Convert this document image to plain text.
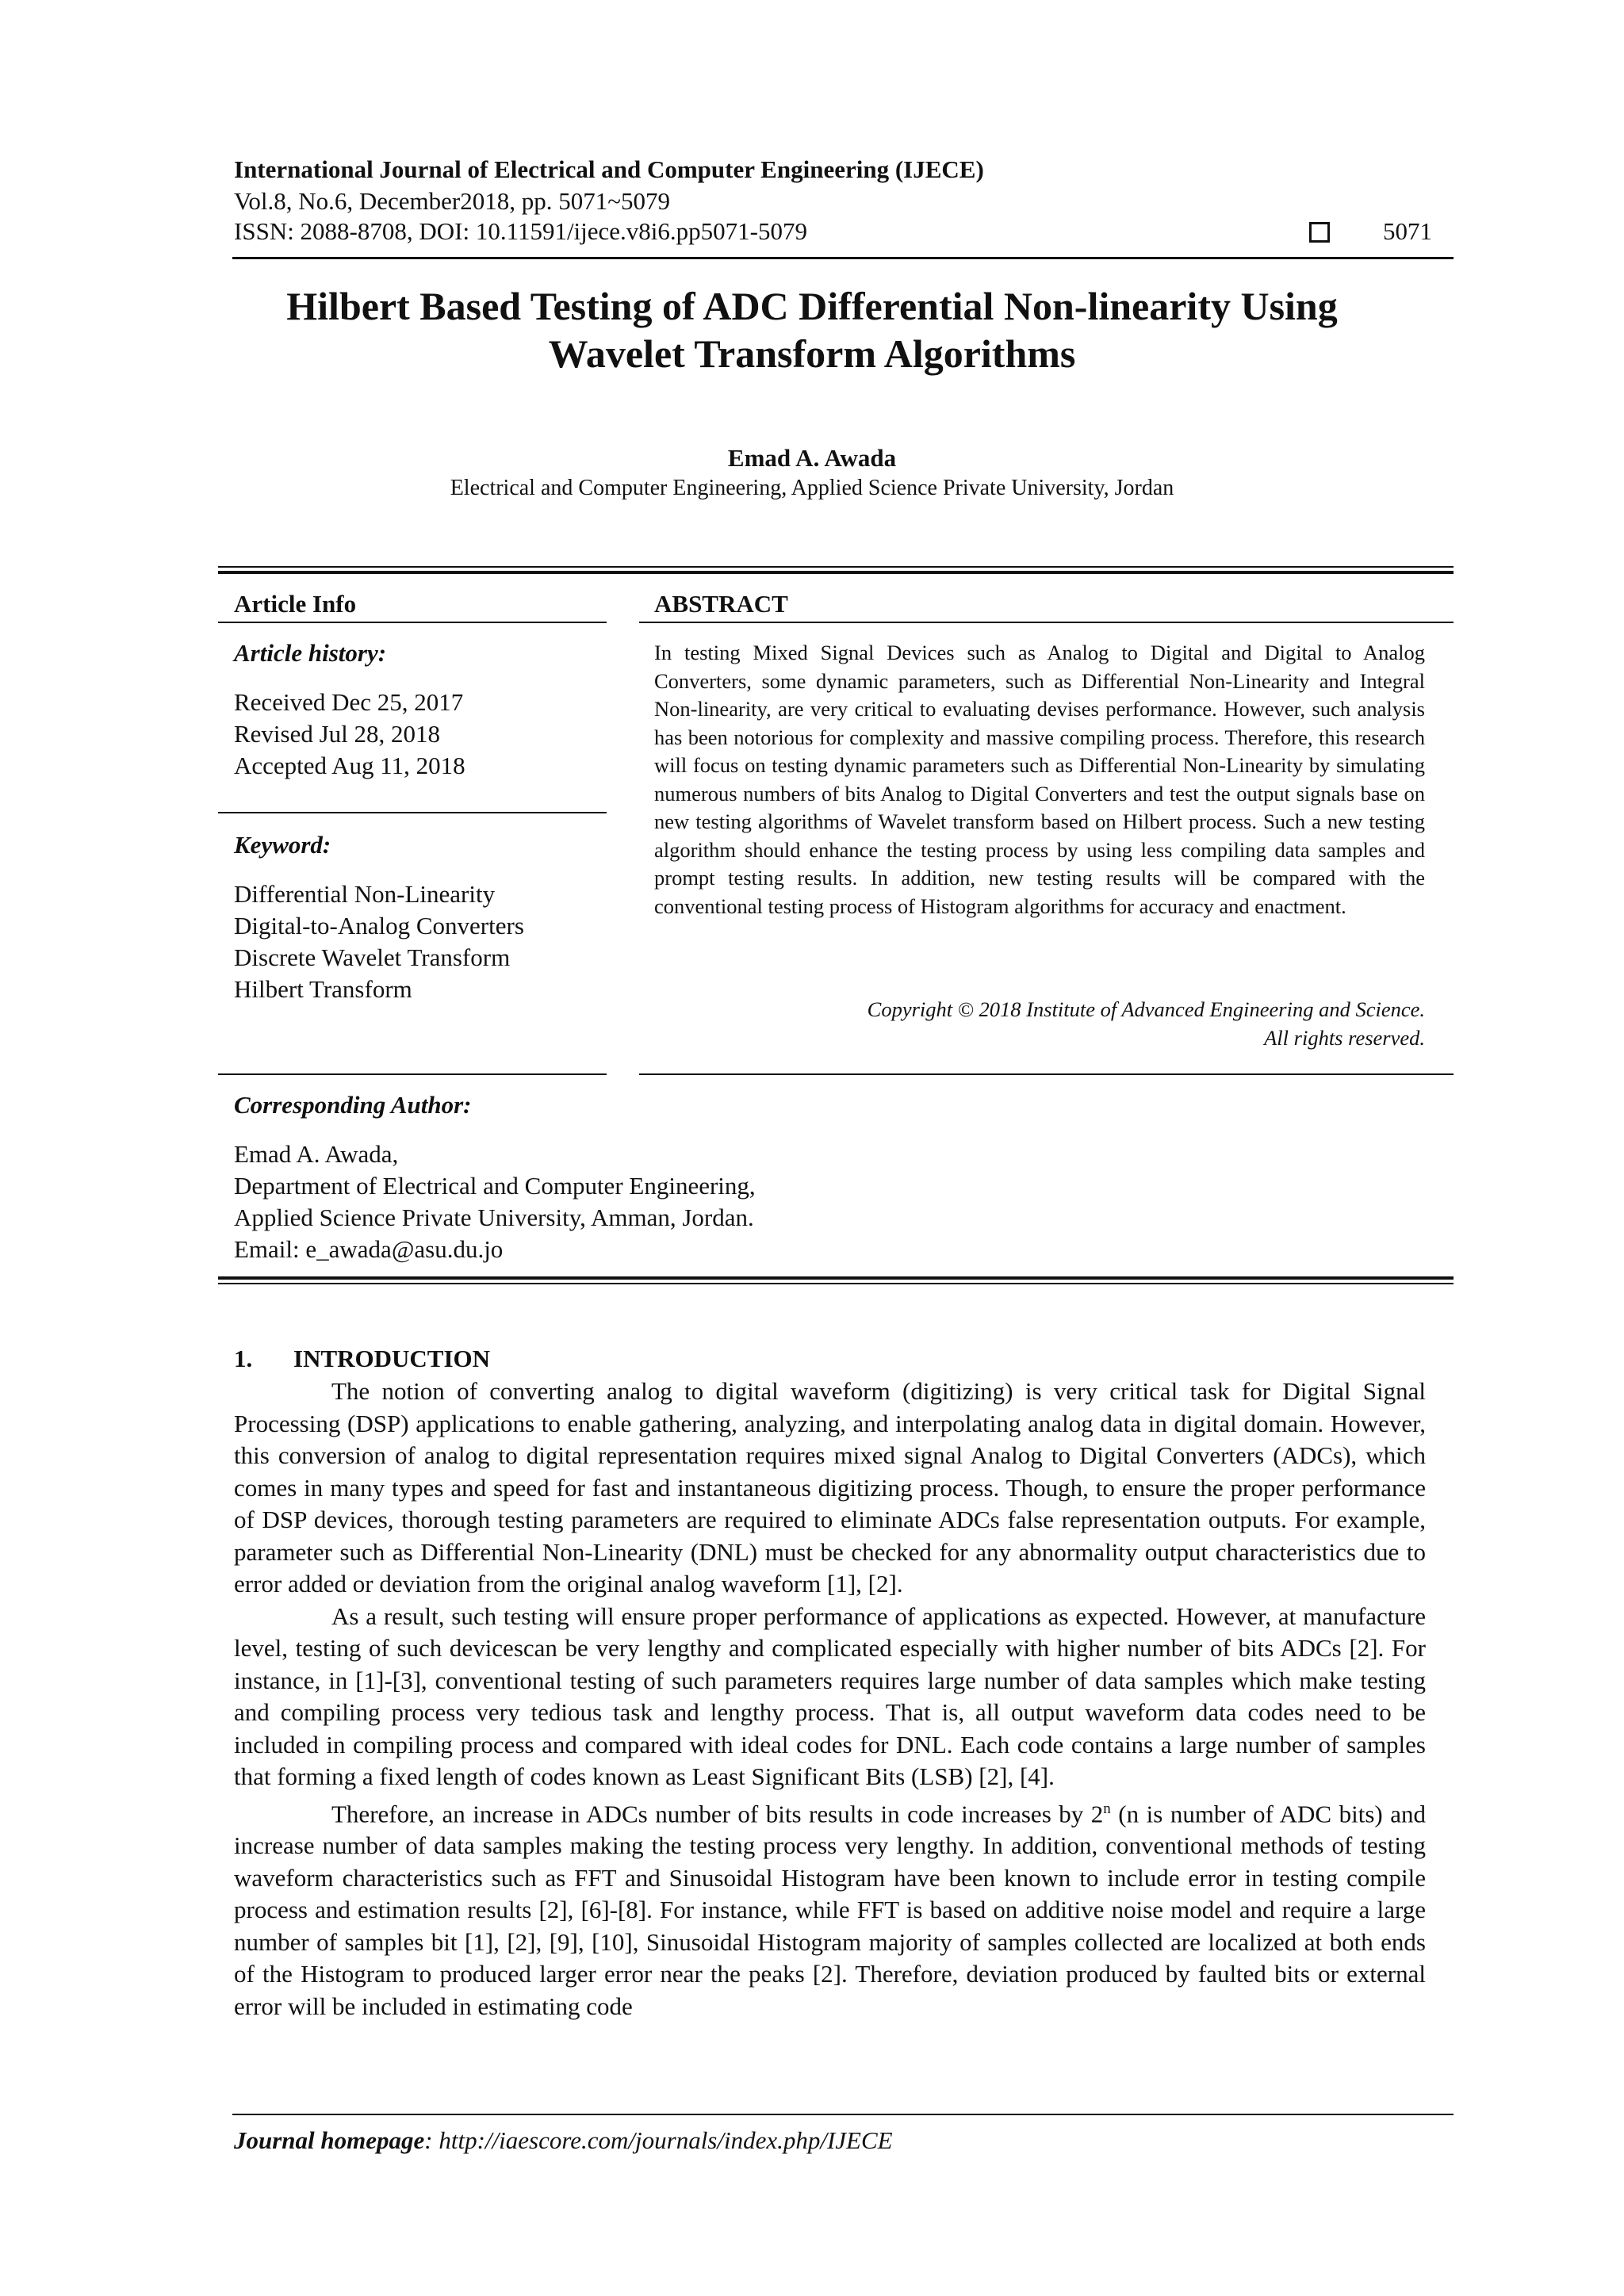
International Journal of Electrical and Computer Engineering (IJECE)
Vol.8, No.6, December2018, pp. 5071~5079
ISSN: 2088-8708, DOI: 10.11591/ijece.v8i6.pp5071-5079	5071
Hilbert Based Testing of ADC Differential Non-linearity Using
Wavelet Transform Algorithms
Emad A. Awada
Electrical and Computer Engineering, Applied Science Private University, Jordan
Article Info
Article history:
Received Dec 25, 2017
Revised Jul 28, 2018
Accepted Aug 11, 2018
Keyword:
Differential Non-Linearity
Digital-to-Analog Converters
Discrete Wavelet Transform
Hilbert Transform
ABSTRACT
In testing Mixed Signal Devices such as Analog to Digital and Digital to Analog Converters, some dynamic parameters, such as Differential Non-Linearity and Integral Non-linearity, are very critical to evaluating devises performance. However, such analysis has been notorious for complexity and massive compiling process. Therefore, this research will focus on testing dynamic parameters such as Differential Non-Linearity by simulating numerous numbers of bits Analog to Digital Converters and test the output signals base on new testing algorithms of Wavelet transform based on Hilbert process. Such a new testing algorithm should enhance the testing process by using less compiling data samples and prompt testing results. In addition, new testing results will be compared with the conventional testing process of Histogram algorithms for accuracy and enactment.
Copyright © 2018 Institute of Advanced Engineering and Science.
All rights reserved.
Corresponding Author:
Emad A. Awada,
Department of Electrical and Computer Engineering,
Applied Science Private University, Amman, Jordan.
Email: e_awada@asu.du.jo
1. INTRODUCTION

The notion of converting analog to digital waveform (digitizing) is very critical task for Digital Signal Processing (DSP) applications to enable gathering, analyzing, and interpolating analog data in digital domain. However, this conversion of analog to digital representation requires mixed signal Analog to Digital Converters (ADCs), which comes in many types and speed for fast and instantaneous digitizing process. Though, to ensure the proper performance of DSP devices, thorough testing parameters are required to eliminate ADCs false representation outputs. For example, parameter such as Differential Non-Linearity (DNL) must be checked for any abnormality output characteristics due to error added or deviation from the original analog waveform [1], [2].

As a result, such testing will ensure proper performance of applications as expected. However, at manufacture level, testing of such devicescan be very lengthy and complicated especially with higher number of bits ADCs [2]. For instance, in [1]-[3], conventional testing of such parameters requires large number of data samples which make testing and compiling process very tedious task and lengthy process. That is, all output waveform data codes need to be included in compiling process and compared with ideal codes for DNL. Each code contains a large number of samples that forming a fixed length of codes known as Least Significant Bits (LSB) [2], [4].

Therefore, an increase in ADCs number of bits results in code increases by 2$^n$ (n is number of ADC bits) and increase number of data samples making the testing process very lengthy. In addition, conventional methods of testing waveform characteristics such as FFT and Sinusoidal Histogram have been known to include error in testing compile process and estimation results [2], [6]-[8]. For instance, while FFT is based on additive noise model and require a large number of samples bit [1], [2], [9], [10], Sinusoidal Histogram majority of samples collected are localized at both ends of the Histogram to produced larger error near the peaks [2]. Therefore, deviation produced by faulted bits or external error will be included in estimating code

Journal homepage: http://iaescore.com/journals/index.php/IJECE
